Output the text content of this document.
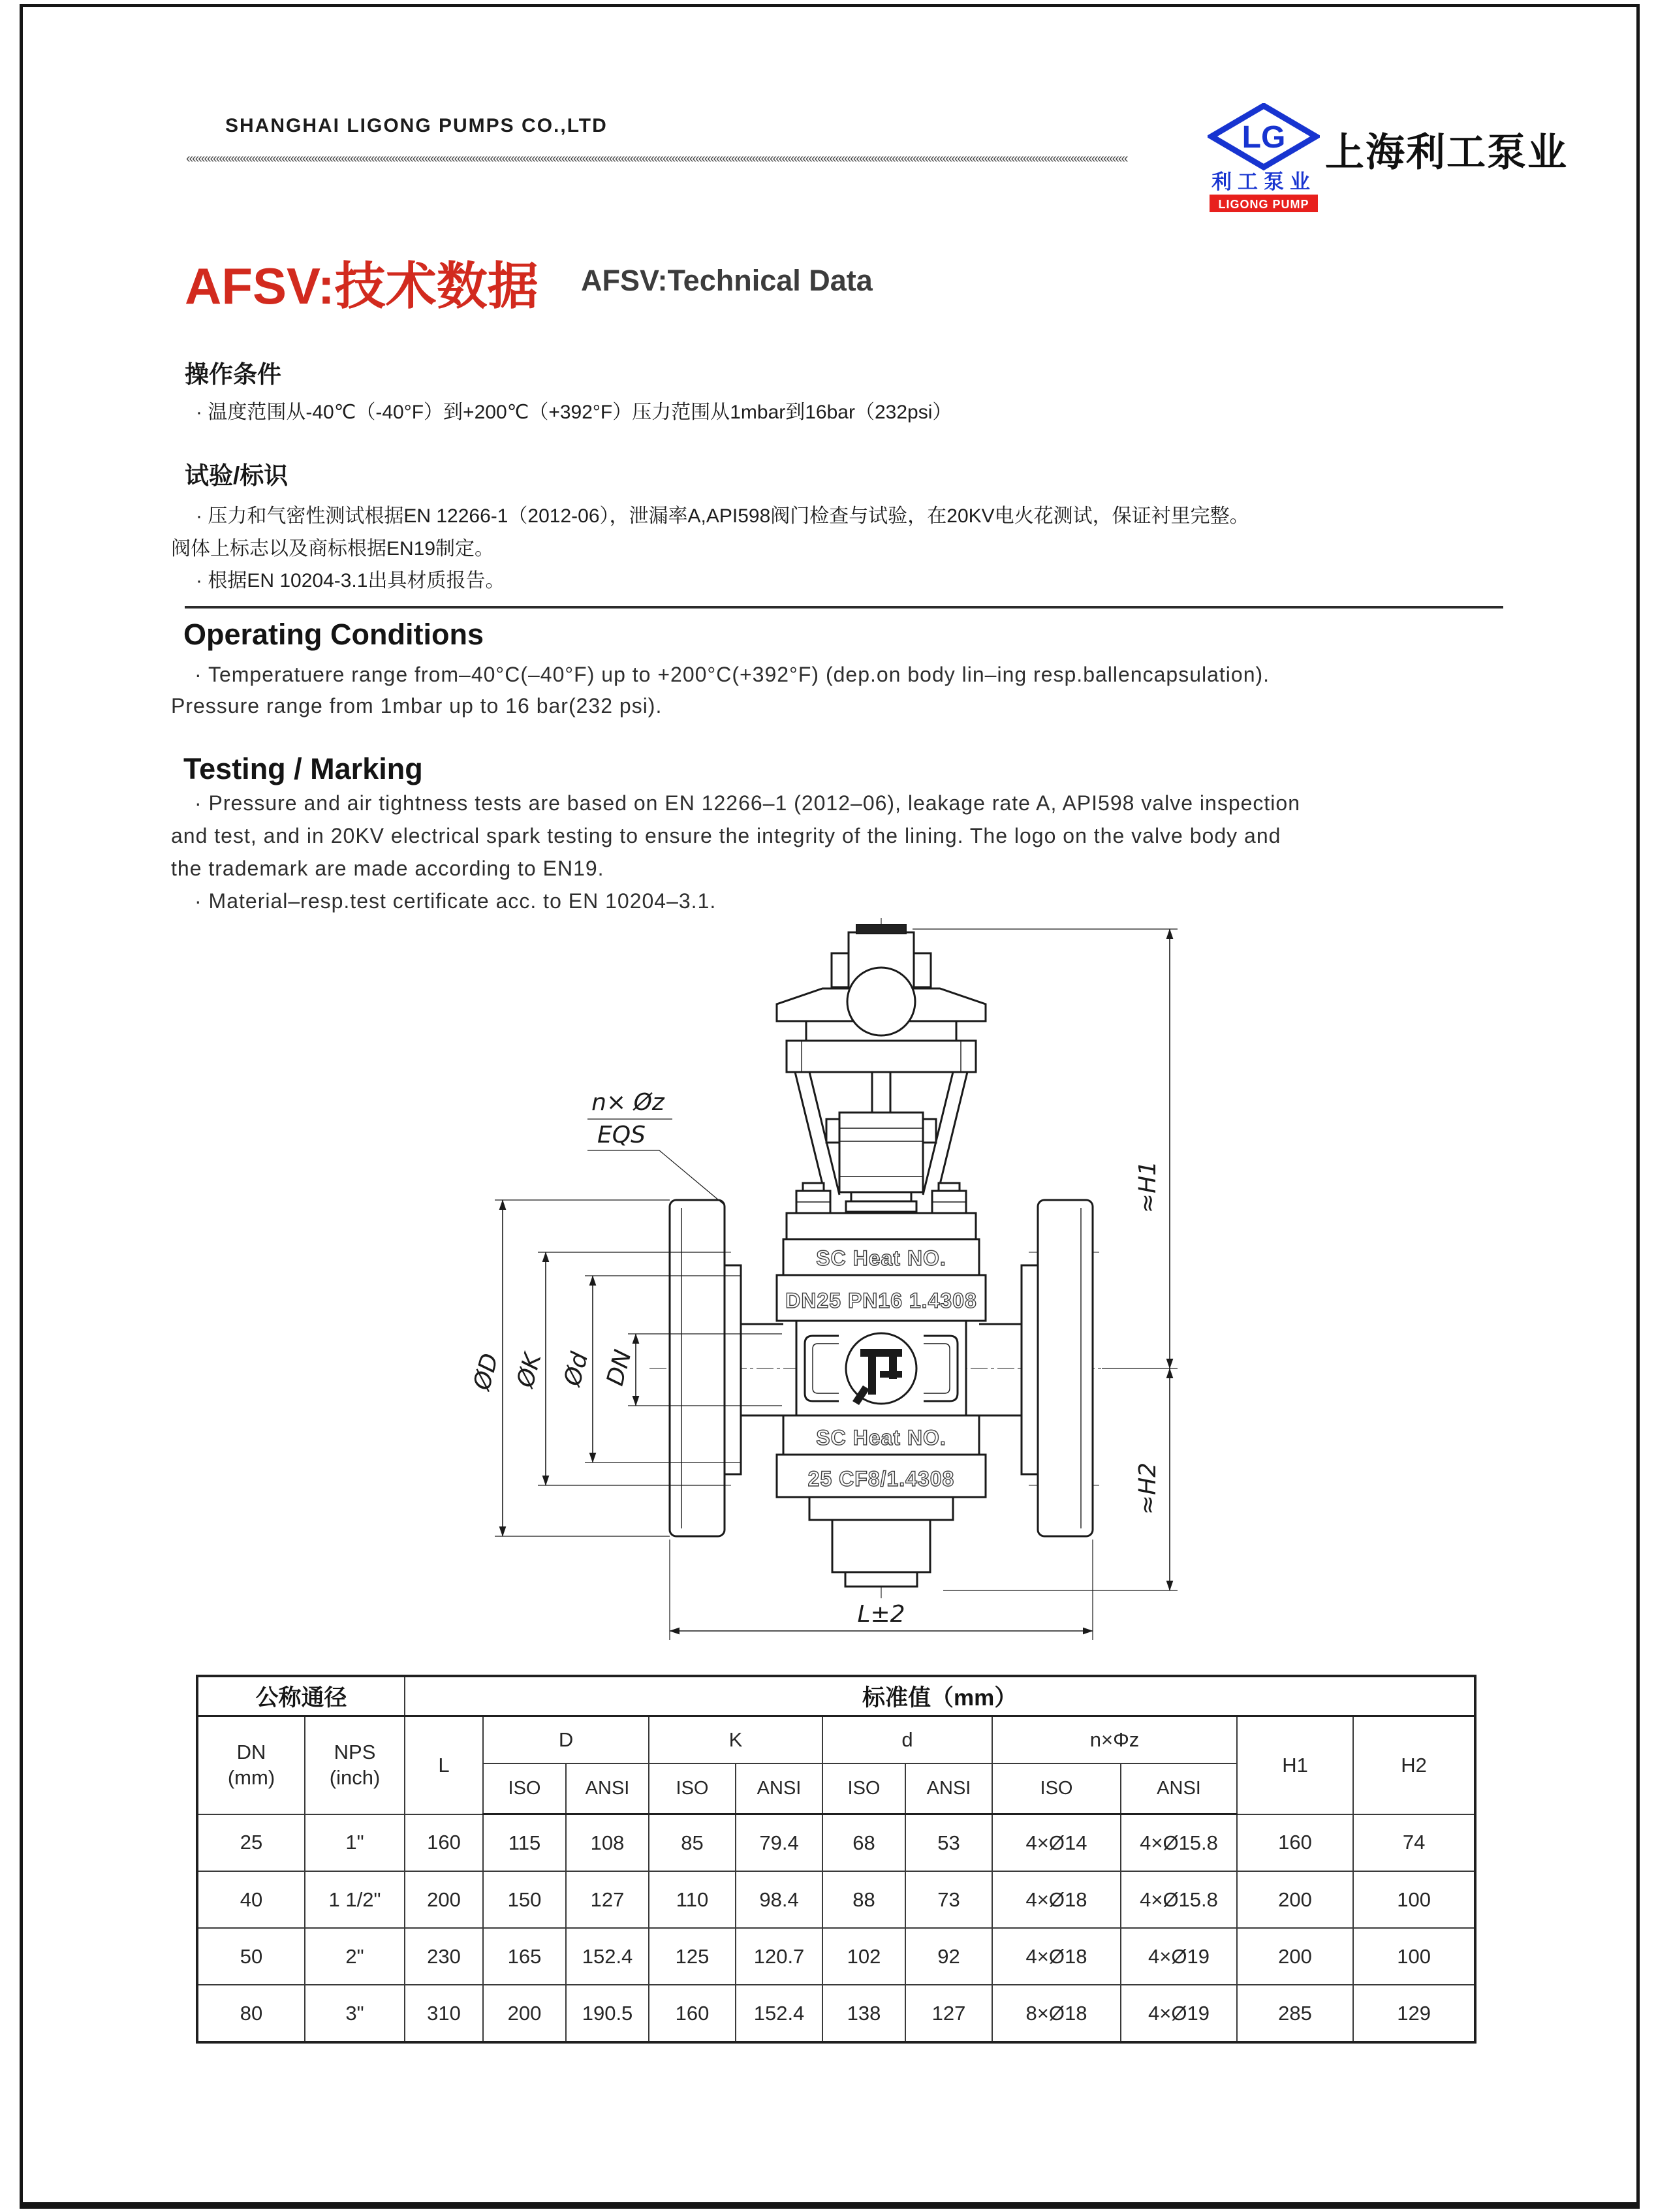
SHANGHAI LIGONG PUMPS CO.,LTD
««««««««««««««««««««««««««««««««««««««««««««««««««««««««««««««««««««««««««««««««««««««««««««««««««««««««««««««««««««««««««««««««««««««««««««««««««««««««««««««
LG
利工泵业
LIGONG PUMP
上海利工泵业
AFSV:技术数据 AFSV:Technical Data
操作条件
· 温度范围从-40℃（-40°F）到+200℃（+392°F）压力范围从1mbar到16bar（232psi）
试验/标识
· 压力和气密性测试根据EN 12266-1（2012-06），泄漏率A,API598阀门检查与试验，在20KV电火花测试，保证衬里完整。
阀体上标志以及商标根据EN19制定。
· 根据EN 10204-3.1出具材质报告。
Operating Conditions
· Temperatuere range from–40°C(–40°F) up to +200°C(+392°F) (dep.on body lin–ing resp.ballencapsulation).
Pressure range from 1mbar up to 16 bar(232 psi).
Testing / Marking
· Pressure and air tightness tests are based on EN 12266–1 (2012–06), leakage rate A, API598 valve inspection
and test, and in 20KV electrical spark testing to ensure the integrity of the lining. The logo on the valve body and
the trademark are made according to EN19.
· Material–resp.test certificate acc. to EN 10204–3.1.
SC Heat NO.
DN25 PN16 1.4308
SC Heat NO.
25 CF8/1.4308
ØD ØK Ød DN
n× Øz
EQS
≈H1
≈H2
L±2
公称通径		标准值（mm）										

DN
(mm)

NPS
(inch)
	L	D	K	d	n×Φz	H1	H2
			ISO	ANSI	ISO	ANSI	ISO	ANSI	ISO	ANSI		
25	1"	160	115	108	85	79.4	68	53	4×Ø14	4×Ø15.8	160	74
40	1 1/2"	200	150	127	110	98.4	88	73	4×Ø18	4×Ø15.8	200	100
50	2"	230	165	152.4	125	120.7	102	92	4×Ø18	4×Ø19	200	100
80	3"	310	200	190.5	160	152.4	138	127	8×Ø18	4×Ø19	285	129
